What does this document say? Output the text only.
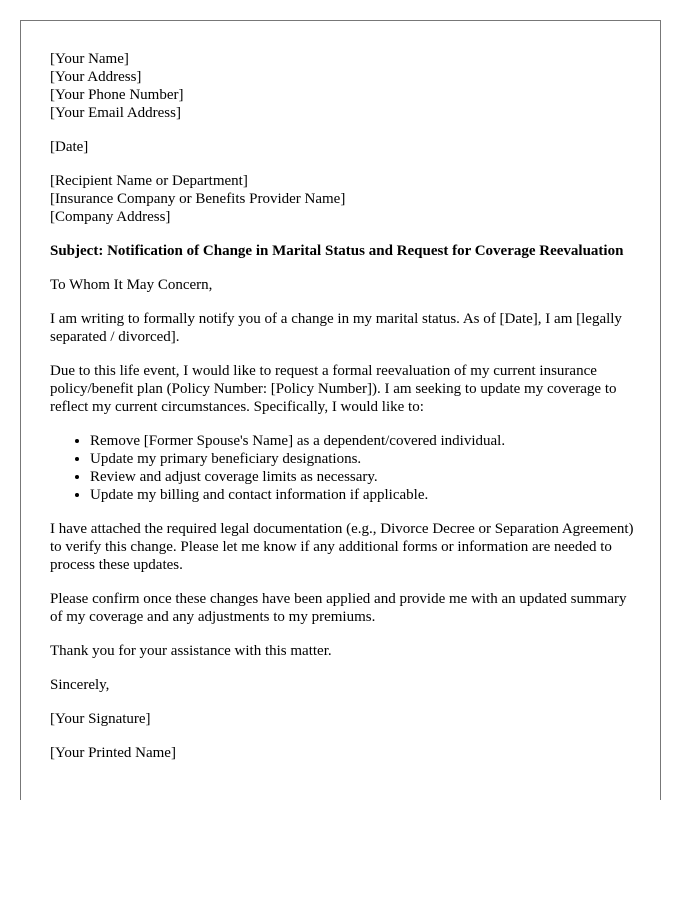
[Your Name]
[Your Address]
[Your Phone Number]
[Your Email Address]
[Date]
[Recipient Name or Department]
[Insurance Company or Benefits Provider Name]
[Company Address]
Subject: Notification of Change in Marital Status and Request for Coverage Reevaluation

To Whom It May Concern,

I am writing to formally notify you of a change in my marital status. As of [Date], I am [legally separated / divorced].

Due to this life event, I would like to request a formal reevaluation of my current insurance policy/benefit plan (Policy Number: [Policy Number]). I am seeking to update my coverage to reflect my current circumstances. Specifically, I would like to:

• Remove [Former Spouse's Name] as a dependent/covered individual.
• Update my primary beneficiary designations.
• Review and adjust coverage limits as necessary.
• Update my billing and contact information if applicable.

I have attached the required legal documentation (e.g., Divorce Decree or Separation Agreement) to verify this change. Please let me know if any additional forms or information are needed to process these updates.

Please confirm once these changes have been applied and provide me with an updated summary of my coverage and any adjustments to my premiums.

Thank you for your assistance with this matter.

Sincerely,

[Your Signature]

[Your Printed Name]
